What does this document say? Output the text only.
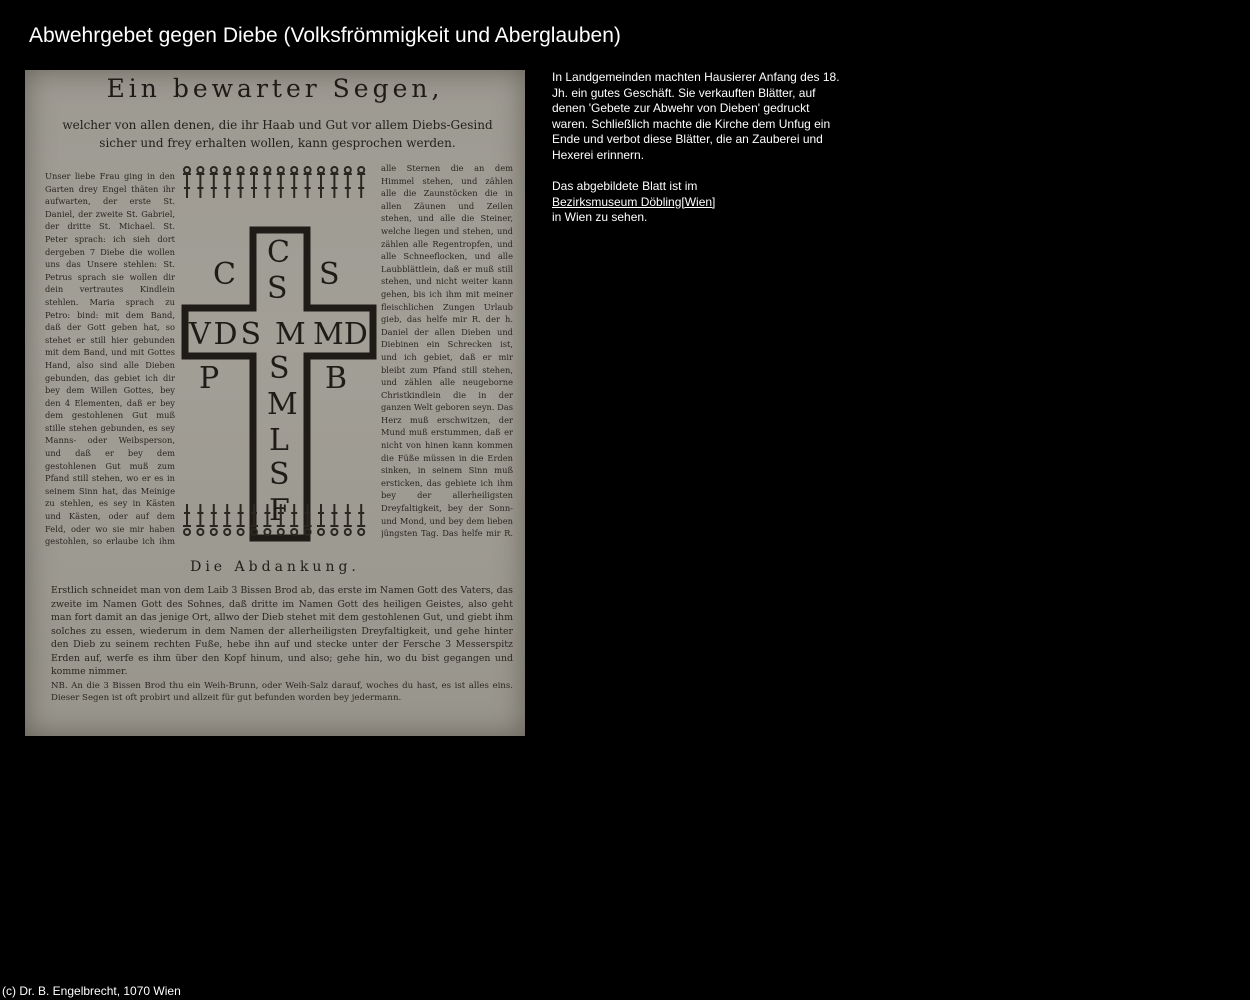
Abwehrgebet gegen Diebe (Volksfrömmigkeit und Aberglauben)
Ein bewarter Segen,
welcher von allen denen, die ihr Haab und Gut vor allem Diebs-Gesind sicher und frey erhalten wollen, kann gesprochen werden.
Unser liebe Frau ging in den Garten drey Engel thäten ihr aufwarten, der erste St. Daniel, der zweite St. Gabriel, der dritte St. Michael. St. Peter sprach: ich sieh dort dergeben 7 Diebe die wollen uns das Unsere stehlen: St. Petrus sprach sie wollen dir dein vertrautes Kindlein stehlen. Maria sprach zu Petro: bind: mit dem Band, daß der Gott geben hat, so stehet er still hier gebunden mit dem Band, und mit Gottes Hand, also sind alle Dieben gebunden, das gebiet ich dir bey dem Willen Gottes, bey den 4 Elementen, daß er bey dem gestohlenen Gut muß stille stehen gebunden, es sey Manns- oder Weibsperson, und daß er bey dem gestohlenen Gut muß zum Pfand still stehen, wo er es in seinem Sinn hat, das Meinige zu stehlen, es sey in Kästen und Kästen, oder auf dem Feld, oder wo sie mir haben gestohlen, so erlaube ich ihm
C
C S S
VDS M MD
P S B
M
L
S
F
alle Sternen die an dem Himmel stehen, und zählen alle die Zaunstöcken die in allen Zäunen und Zeilen stehen, und alle die Steiner, welche liegen und stehen, und zählen alle Regentropfen, und alle Schneeflocken, und alle Laubblättlein, daß er muß still stehen, und nicht weiter kann gehen, bis ich ihm mit meiner fleischlichen Zungen Urlaub gieb, das helfe mir R. der h. Daniel der allen Dieben und Diebinen ein Schrecken ist, und ich gebiet, daß er mir bleibt zum Pfand still stehen, und zählen alle neugeborne Christkindlein die in der ganzen Welt geboren seyn. Das Herz muß erschwitzen, der Mund muß erstummen, daß er nicht von hinen kann kommen die Füße müssen in die Erden sinken, in seinem Sinn muß ersticken, das gebiete ich ihm bey der allerheiligsten Dreyfaltigkeit, bey der Sonn- und Mond, und bey dem lieben jüngsten Tag. Das helfe mir R.
Die Abdankung.
Erstlich schneidet man von dem Laib 3 Bissen Brod ab, das erste im Namen Gott des Vaters, das zweite im Namen Gott des Sohnes, daß dritte im Namen Gott des heiligen Geistes, also geht man fort damit an das jenige Ort, allwo der Dieb stehet mit dem gestohlenen Gut, und giebt ihm solches zu essen, wiederum in dem Namen der allerheiligsten Dreyfaltigkeit, und gehe hinter den Dieb zu seinem rechten Fuße, hebe ihn auf und stecke unter der Fersche 3 Messerspitz Erden auf, werfe es ihm über den Kopf hinum, und also; gehe hin, wo du bist gegangen und komme nimmer.
NB. An die 3 Bissen Brod thu ein Weih-Brunn, oder Weih-Salz darauf, woches du hast, es ist alles eins. Dieser Segen ist oft probirt und allzeit für gut befunden worden bey jedermann.

In Landgemeinden machten Hausierer Anfang des 18. Jh. ein gutes Geschäft. Sie verkauften Blätter, auf denen 'Gebete zur Abwehr von Dieben' gedruckt waren. Schließlich machte die Kirche dem Unfug ein Ende und verbot diese Blätter, die an Zauberei und Hexerei erinnern.

Das abgebildete Blatt ist im
Bezirksmuseum Döbling[Wien]
in Wien zu sehen.

(c) Dr. B. Engelbrecht, 1070 Wien
